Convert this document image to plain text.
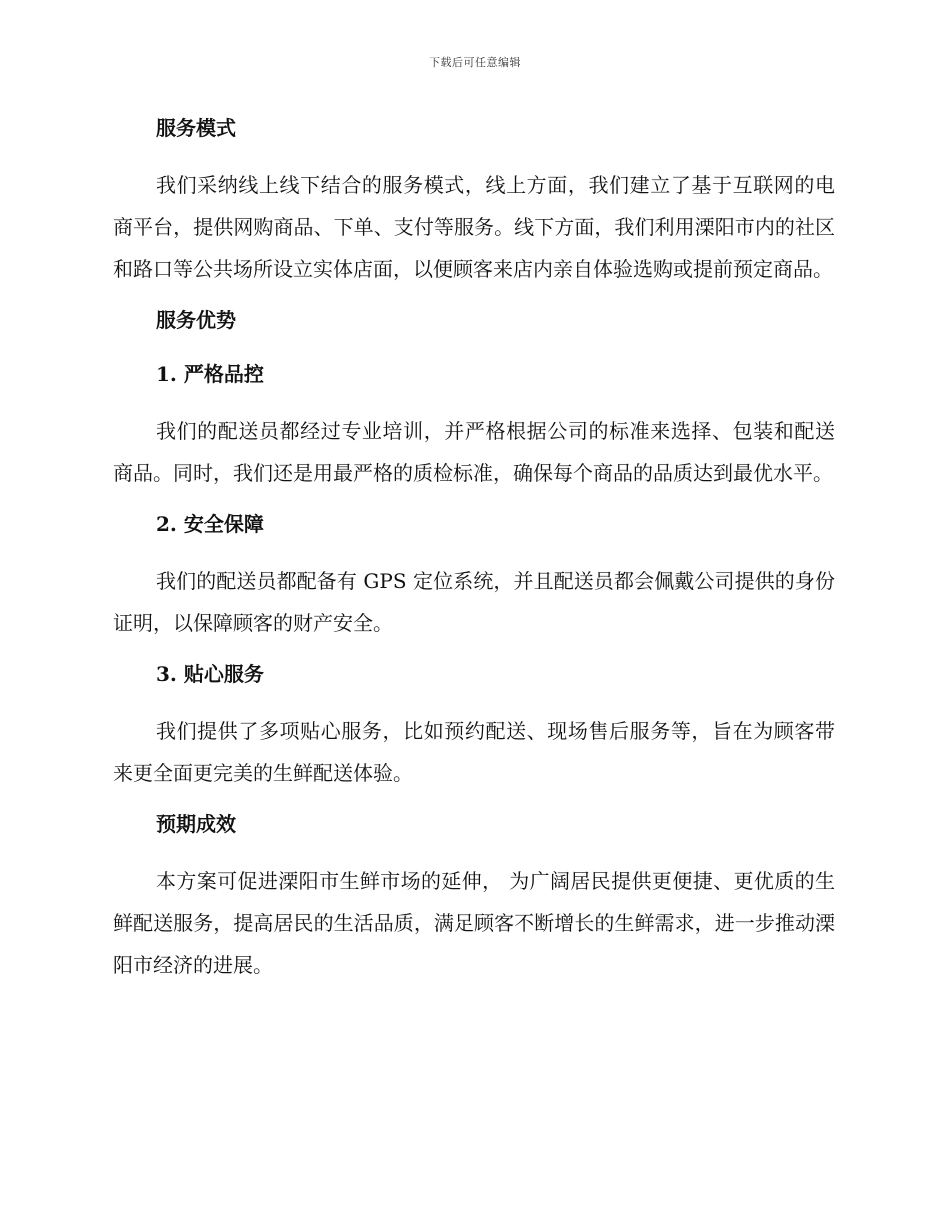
下载后可任意编辑

服务模式

我们采纳线上线下结合的服务模式，线上方面，我们建立了基于互联网的电商平台，提供网购商品、下单、支付等服务。线下方面，我们利用溧阳市内的社区和路口等公共场所设立实体店面，以便顾客来店内亲自体验选购或提前预定商品。

服务优势

1. 严格品控

我们的配送员都经过专业培训，并严格根据公司的标准来选择、包装和配送商品。同时，我们还是用最严格的质检标准，确保每个商品的品质达到最优水平。

2. 安全保障

我们的配送员都配备有 GPS 定位系统，并且配送员都会佩戴公司提供的身份证明，以保障顾客的财产安全。

3. 贴心服务

我们提供了多项贴心服务，比如预约配送、现场售后服务等，旨在为顾客带来更全面更完美的生鲜配送体验。

预期成效

本方案可促进溧阳市生鲜市场的延伸， 为广阔居民提供更便捷、更优质的生鲜配送服务，提高居民的生活品质，满足顾客不断增长的生鲜需求，进一步推动溧阳市经济的进展。
